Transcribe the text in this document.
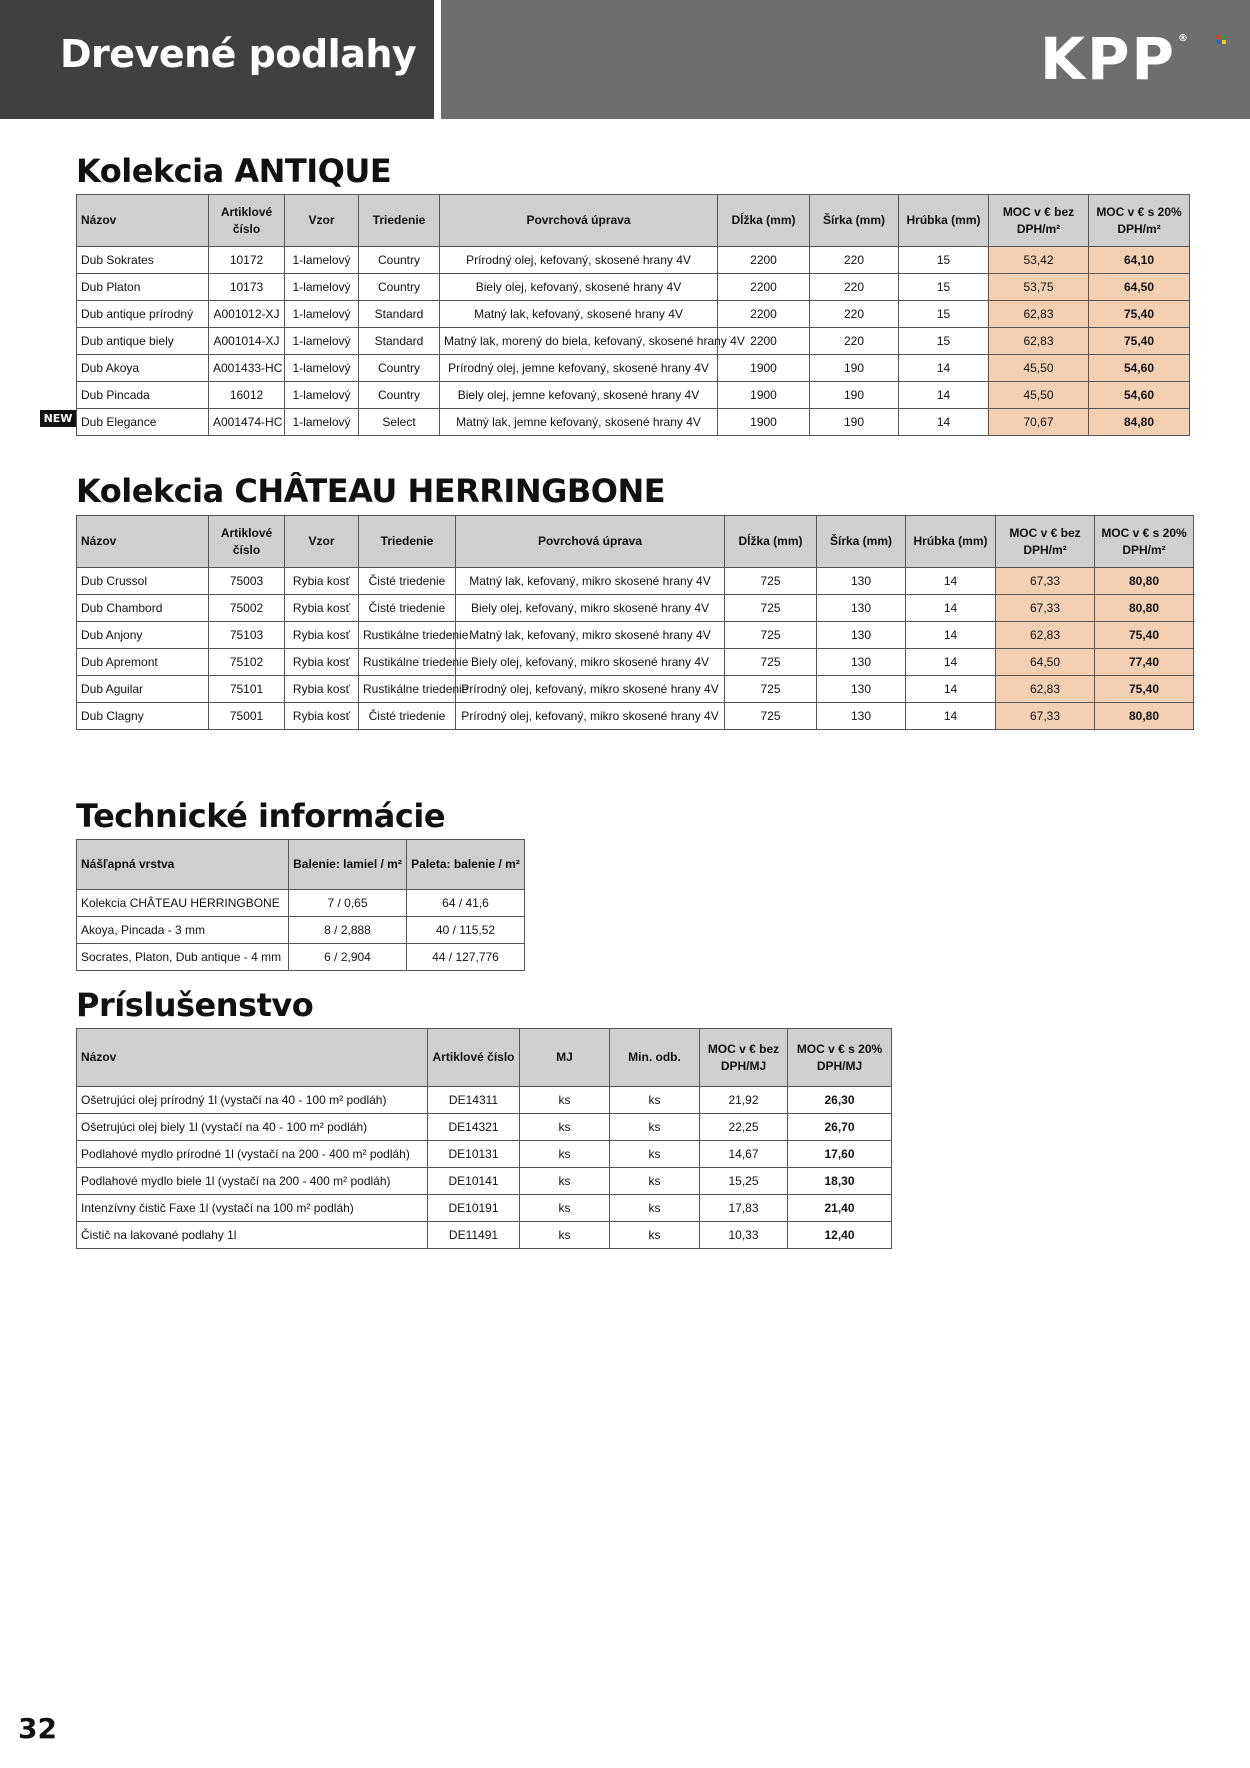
Drevené podlahy	KPP ®
Kolekcia ANTIQUE
Názov	Artiklové číslo	Vzor	Triedenie	Povrchová úprava	Dĺžka (mm)	Šírka (mm)	Hrúbka (mm)	MOC v € bez DPH/m²	MOC v € s 20% DPH/m²

Dub Sokrates	10172	1-lamelový	Country	Prírodný olej, kefovaný, skosené hrany 4V	2200	220	15	53,42	64,10
Dub Platon	10173	1-lamelový	Country	Biely olej, kefovaný, skosené hrany 4V	2200	220	15	53,75	64,50
Dub antique prírodný	A001012-XJ	1-lamelový	Standard	Matný lak, kefovaný, skosené hrany 4V	2200	220	15	62,83	75,40
Dub antique biely	A001014-XJ	1-lamelový	Standard	Matný lak, morený do biela, kefovaný, skosené hrany 4V	2200	220	15	62,83	75,40
Dub Akoya	A001433-HC	1-lamelový	Country	Prírodný olej, jemne kefovaný, skosené hrany 4V	1900	190	14	45,50	54,60
Dub Pincada	16012	1-lamelový	Country	Biely olej, jemne kefovaný, skosené hrany 4V	1900	190	14	45,50	54,60
Dub Elegance	A001474-HC	1-lamelový	Select	Matný lak, jemne kefovaný, skosené hrany 4V	1900	190	14	70,67	84,80
NEW
Kolekcia CHÂTEAU HERRINGBONE
Názov	Artiklové číslo	Vzor	Triedenie	Povrchová úprava	Dĺžka (mm)	Šírka (mm)	Hrúbka (mm)	MOC v € bez DPH/m²	MOC v € s 20% DPH/m²

Dub Crussol	75003	Rybia kosť	Čisté triedenie	Matný lak, kefovaný, mikro skosené hrany 4V	725	130	14	67,33	80,80
Dub Chambord	75002	Rybia kosť	Čisté triedenie	Biely olej, kefovaný, mikro skosené hrany 4V	725	130	14	67,33	80,80
Dub Anjony	75103	Rybia kosť	Rustikálne triedenie	Matný lak, kefovaný, mikro skosené hrany 4V	725	130	14	62,83	75,40
Dub Apremont	75102	Rybia kosť	Rustikálne triedenie	Biely olej, kefovaný, mikro skosené hrany 4V	725	130	14	64,50	77,40
Dub Aguilar	75101	Rybia kosť	Rustikálne triedenie	Prírodný olej, kefovaný, mikro skosené hrany 4V	725	130	14	62,83	75,40
Dub Clagny	75001	Rybia kosť	Čisté triedenie	Prírodný olej, kefovaný, mikro skosené hrany 4V	725	130	14	67,33	80,80
Technické informácie
Nášľapná vrstva	Balenie: lamiel / m²	Paleta: balenie / m²
Kolekcia CHÂTEAU HERRINGBONE	7 / 0,65	64 / 41,6
Akoya, Pincada - 3 mm	8 / 2,888	40 / 115,52
Socrates, Platon, Dub antique - 4 mm	6 / 2,904	44 / 127,776
Príslušenstvo
Názov	Artiklové číslo	MJ	Min. odb.	MOC v € bez DPH/MJ	MOC v € s 20% DPH/MJ

Ošetrujúci olej prírodný 1l (vystačí na 40 - 100 m² podláh)	DE14311	ks	ks	21,92	26,30
Ošetrujúci olej biely 1l (vystačí na 40 - 100 m² podláh)	DE14321	ks	ks	22,25	26,70
Podlahové mydlo prírodné 1l (vystačí na 200 - 400 m² podláh)	DE10131	ks	ks	14,67	17,60
Podlahové mydlo biele 1l (vystačí na 200 - 400 m² podláh)	DE10141	ks	ks	15,25	18,30
Intenzívny čistič Faxe 1l (vystačí na 100 m² podláh)	DE10191	ks	ks	17,83	21,40
Čistič na lakované podlahy 1l	DE11491	ks	ks	10,33	12,40
32
